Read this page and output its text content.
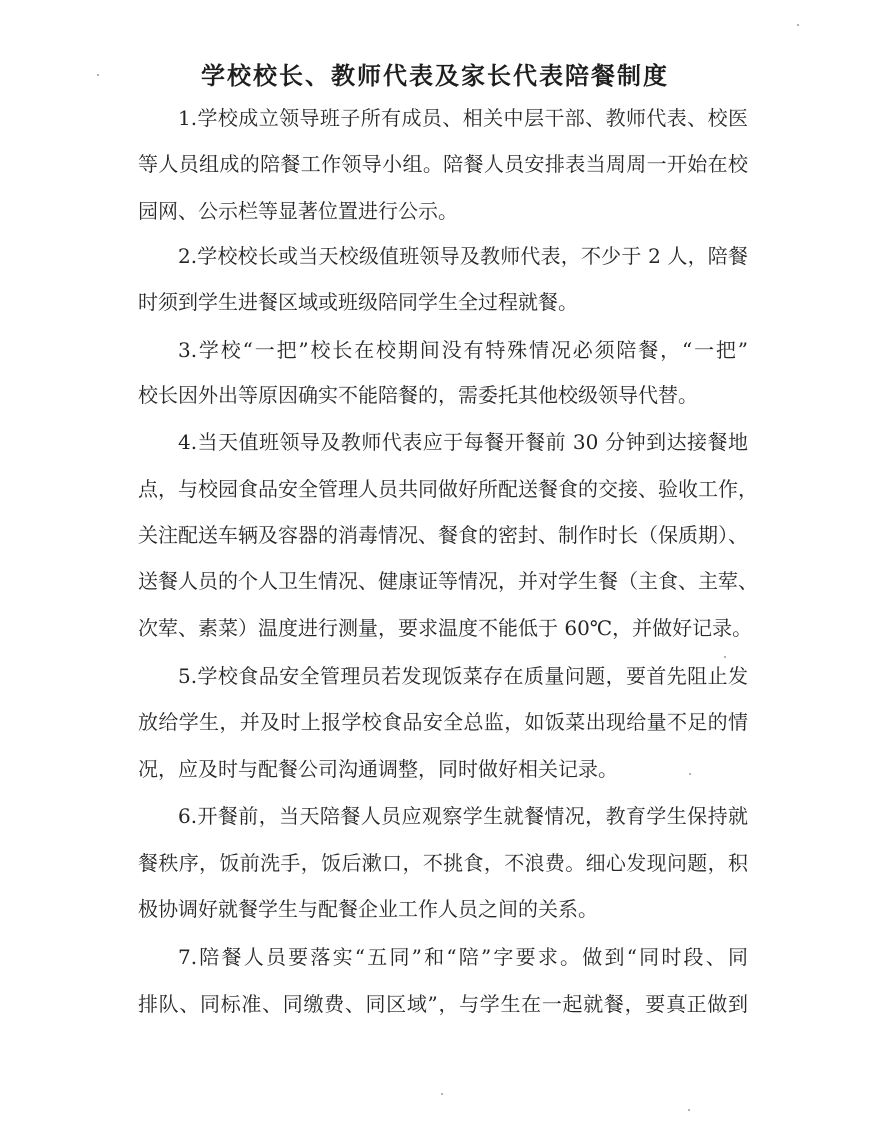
学校校长、教师代表及家长代表陪餐制度
1.学校成立领导班子所有成员、相关中层干部、教师代表、校医
等人员组成的陪餐工作领导小组。陪餐人员安排表当周周一开始在校
园网、公示栏等显著位置进行公示。
2.学校校长或当天校级值班领导及教师代表，不少于 2 人，陪餐
时须到学生进餐区域或班级陪同学生全过程就餐。
3.学校“一把”校长在校期间没有特殊情况必须陪餐，“一把”
校长因外出等原因确实不能陪餐的，需委托其他校级领导代替。
4.当天值班领导及教师代表应于每餐开餐前 30 分钟到达接餐地
点，与校园食品安全管理人员共同做好所配送餐食的交接、验收工作，
关注配送车辆及容器的消毒情况、餐食的密封、制作时长（保质期）、
送餐人员的个人卫生情况、健康证等情况，并对学生餐（主食、主荤、
次荤、素菜）温度进行测量，要求温度不能低于 60℃，并做好记录。
5.学校食品安全管理员若发现饭菜存在质量问题，要首先阻止发
放给学生，并及时上报学校食品安全总监，如饭菜出现给量不足的情
况，应及时与配餐公司沟通调整，同时做好相关记录。
6.开餐前，当天陪餐人员应观察学生就餐情况，教育学生保持就
餐秩序，饭前洗手，饭后漱口，不挑食，不浪费。细心发现问题，积
极协调好就餐学生与配餐企业工作人员之间的关系。
7.陪餐人员要落实“五同”和“陪”字要求。做到“同时段、同
排队、同标准、同缴费、同区域”，与学生在一起就餐，要真正做到
